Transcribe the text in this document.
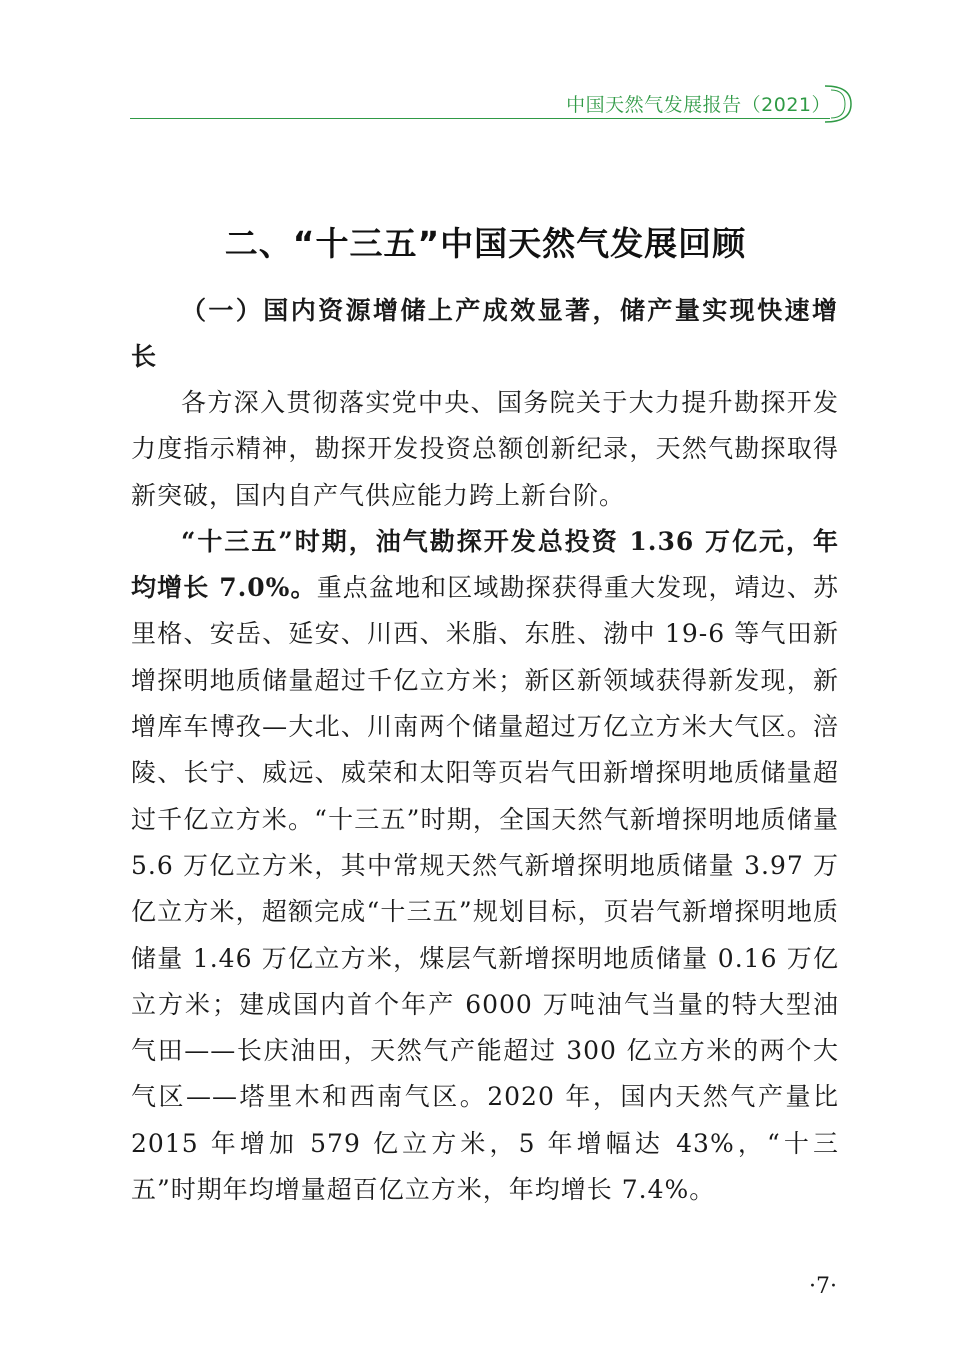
中国天然气发展报告（2021）
二、“十三五”中国天然气发展回顾

（一）国内资源增储上产成效显著，储产量实现快速增长

各方深入贯彻落实党中央、国务院关于大力提升勘探开发力度指示精神，勘探开发投资总额创新纪录，天然气勘探取得新突破，国内自产气供应能力跨上新台阶。

“十三五”时期，油气勘探开发总投资 1.36 万亿元，年均增长 7.0%。重点盆地和区域勘探获得重大发现，靖边、苏里格、安岳、延安、川西、米脂、东胜、渤中 19-6 等气田新增探明地质储量超过千亿立方米；新区新领域获得新发现，新增库车博孜—大北、川南两个储量超过万亿立方米大气区。涪陵、长宁、威远、威荣和太阳等页岩气田新增探明地质储量超过千亿立方米。“十三五”时期，全国天然气新增探明地质储量 5.6 万亿立方米，其中常规天然气新增探明地质储量 3.97 万亿立方米，超额完成“十三五”规划目标，页岩气新增探明地质储量 1.46 万亿立方米，煤层气新增探明地质储量 0.16 万亿立方米；建成国内首个年产 6000 万吨油气当量的特大型油气田——长庆油田，天然气产能超过 300 亿立方米的两个大气区——塔里木和西南气区。2020 年，国内天然气产量比 2015 年增加 579 亿立方米，5 年增幅达 43%，“十三五”时期年均增量超百亿立方米，年均增长 7.4%。

·7·
